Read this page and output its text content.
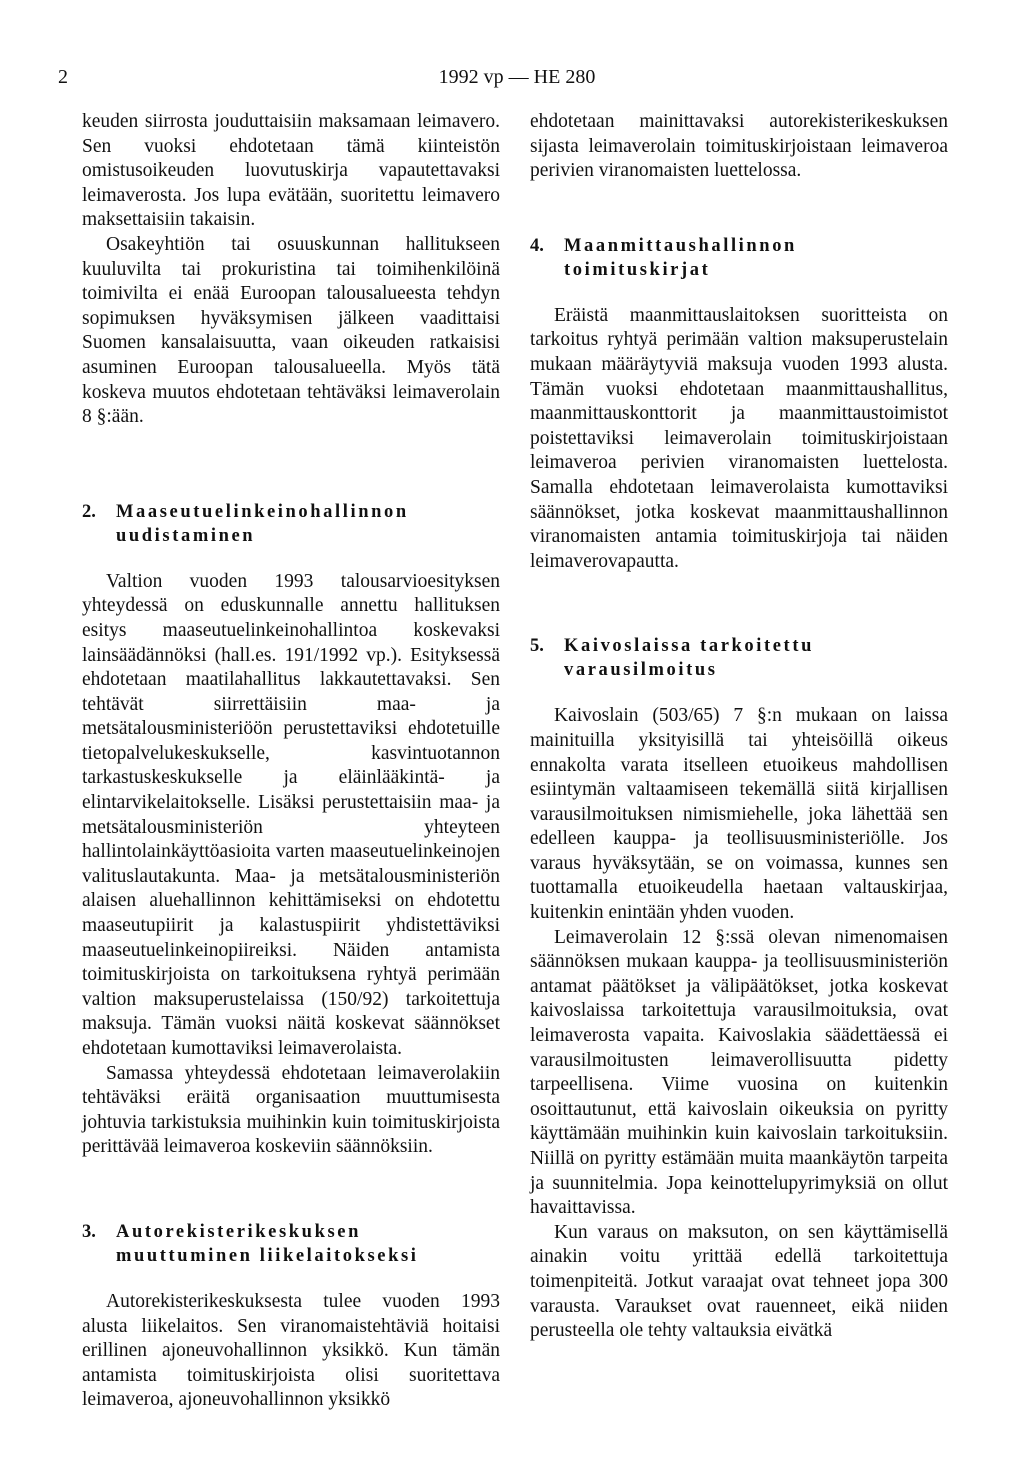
2	1992 vp — HE 280

keuden siirrosta jouduttaisiin maksamaan leimavero. Sen vuoksi ehdotetaan tämä kiinteistön omistusoikeuden luovutuskirja vapautettavaksi leimaverosta. Jos lupa evätään, suoritettu leimavero maksettaisiin takaisin.

Osakeyhtiön tai osuuskunnan hallitukseen kuuluvilta tai prokuristina tai toimihenkilöinä toimivilta ei enää Euroopan talousalueesta tehdyn sopimuksen hyväksymisen jälkeen vaadittaisi Suomen kansalaisuutta, vaan oikeuden ratkaisisi asuminen Euroopan talousalueella. Myös tätä koskeva muutos ehdotetaan tehtäväksi leimaverolain 8 §:ään.

2.	Maaseutuelinkeinohallinnon uudistaminen

Valtion vuoden 1993 talousarvioesityksen yhteydessä on eduskunnalle annettu hallituksen esitys maaseutuelinkeinohallintoa koskevaksi lainsäädännöksi (hall.es. 191/1992 vp.). Esityksessä ehdotetaan maatilahallitus lakkautettavaksi. Sen tehtävät siirrettäisiin maa- ja metsätalousministeriöön perustettaviksi ehdotetuille tietopalvelukeskukselle, kasvintuotannon tarkastuskeskukselle ja eläinlääkintä- ja elintarvikelaitokselle. Lisäksi perustettaisiin maa- ja metsätalousministeriön yhteyteen hallintolainkäyttöasioita varten maaseutuelinkeinojen valituslautakunta. Maa- ja metsätalousministeriön alaisen aluehallinnon kehittämiseksi on ehdotettu maaseutupiirit ja kalastuspiirit yhdistettäviksi maaseutuelinkeinopiireiksi. Näiden antamista toimituskirjoista on tarkoituksena ryhtyä perimään valtion maksuperustelaissa (150/92) tarkoitettuja maksuja. Tämän vuoksi näitä koskevat säännökset ehdotetaan kumottaviksi leimaverolaista.

Samassa yhteydessä ehdotetaan leimaverolakiin tehtäväksi eräitä organisaation muuttumisesta johtuvia tarkistuksia muihinkin kuin toimituskirjoista perittävää leimaveroa koskeviin säännöksiin.

3.	Autorekisterikeskuksen muuttuminen liikelaitokseksi

Autorekisterikeskuksesta tulee vuoden 1993 alusta liikelaitos. Sen viranomaistehtäviä hoitaisi erillinen ajoneuvohallinnon yksikkö. Kun tämän antamista toimituskirjoista olisi suoritettava leimaveroa, ajoneuvohallinnon yksikkö

ehdotetaan mainittavaksi autorekisterikeskuksen sijasta leimaverolain toimituskirjoistaan leimaveroa perivien viranomaisten luettelossa.

4.	Maanmittaushallinnon toimituskirjat

Eräistä maanmittauslaitoksen suoritteista on tarkoitus ryhtyä perimään valtion maksuperustelain mukaan määräytyviä maksuja vuoden 1993 alusta. Tämän vuoksi ehdotetaan maanmittaushallitus, maanmittauskonttorit ja maanmittaustoimistot poistettaviksi leimaverolain toimituskirjoistaan leimaveroa perivien viranomaisten luettelosta. Samalla ehdotetaan leimaverolaista kumottaviksi säännökset, jotka koskevat maanmittaushallinnon viranomaisten antamia toimituskirjoja tai näiden leimaverovapautta.

5.	Kaivoslaissa tarkoitettu varausilmoitus

Kaivoslain (503/65) 7 §:n mukaan on laissa mainituilla yksityisillä tai yhteisöillä oikeus ennakolta varata itselleen etuoikeus mahdollisen esiintymän valtaamiseen tekemällä siitä kirjallisen varausilmoituksen nimismiehelle, joka lähettää sen edelleen kauppa- ja teollisuusministeriölle. Jos varaus hyväksytään, se on voimassa, kunnes sen tuottamalla etuoikeudella haetaan valtauskirjaa, kuitenkin enintään yhden vuoden.

Leimaverolain 12 §:ssä olevan nimenomaisen säännöksen mukaan kauppa- ja teollisuusministeriön antamat päätökset ja välipäätökset, jotka koskevat kaivoslaissa tarkoitettuja varausilmoituksia, ovat leimaverosta vapaita. Kaivoslakia säädettäessä ei varausilmoitusten leimaverollisuutta pidetty tarpeellisena. Viime vuosina on kuitenkin osoittautunut, että kaivoslain oikeuksia on pyritty käyttämään muihinkin kuin kaivoslain tarkoituksiin. Niillä on pyritty estämään muita maankäytön tarpeita ja suunnitelmia. Jopa keinottelupyrimyksiä on ollut havaittavissa.

Kun varaus on maksuton, on sen käyttämisellä ainakin voitu yrittää edellä tarkoitettuja toimenpiteitä. Jotkut varaajat ovat tehneet jopa 300 varausta. Varaukset ovat rauenneet, eikä niiden perusteella ole tehty valtauksia eivätkä
